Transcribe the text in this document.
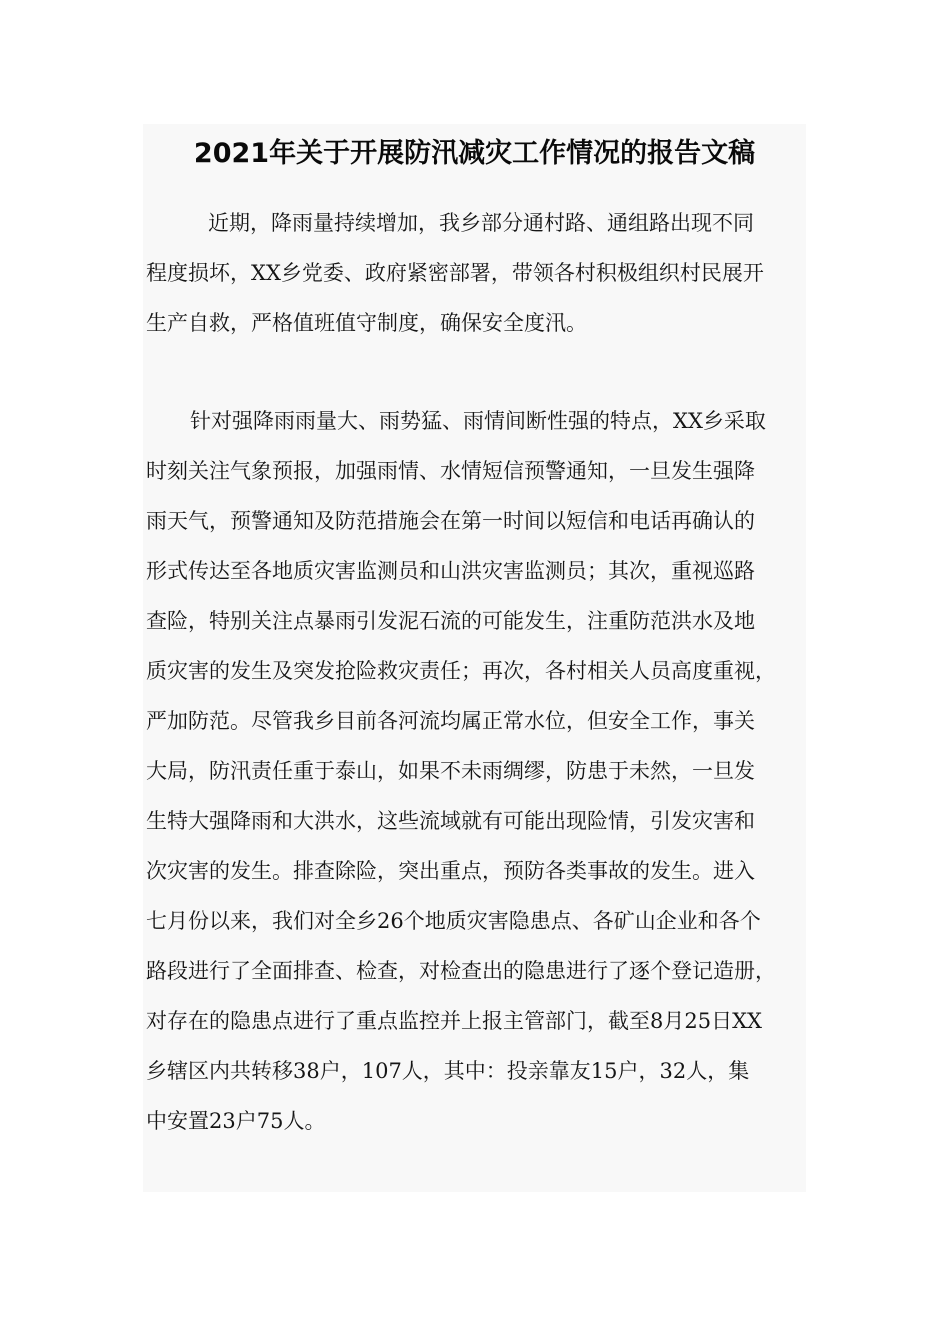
2021年关于开展防汛减灾工作情况的报告文稿
近期，降雨量持续增加，我乡部分通村路、通组路出现不同
程度损坏，XX乡党委、政府紧密部署，带领各村积极组织村民展开
生产自救，严格值班值守制度，确保安全度汛。
针对强降雨雨量大、雨势猛、雨情间断性强的特点，XX乡采取
时刻关注气象预报，加强雨情、水情短信预警通知，一旦发生强降
雨天气，预警通知及防范措施会在第一时间以短信和电话再确认的
形式传达至各地质灾害监测员和山洪灾害监测员；其次，重视巡路
查险，特别关注点暴雨引发泥石流的可能发生，注重防范洪水及地
质灾害的发生及突发抢险救灾责任；再次，各村相关人员高度重视，
严加防范。尽管我乡目前各河流均属正常水位，但安全工作，事关
大局，防汛责任重于泰山，如果不未雨绸缪，防患于未然，一旦发
生特大强降雨和大洪水，这些流域就有可能出现险情，引发灾害和
次灾害的发生。排查除险，突出重点，预防各类事故的发生。进入
七月份以来，我们对全乡26个地质灾害隐患点、各矿山企业和各个
路段进行了全面排查、检查，对检查出的隐患进行了逐个登记造册，
对存在的隐患点进行了重点监控并上报主管部门，截至8月25日XX
乡辖区内共转移38户，107人，其中：投亲靠友15户，32人，集
中安置23户75人。
